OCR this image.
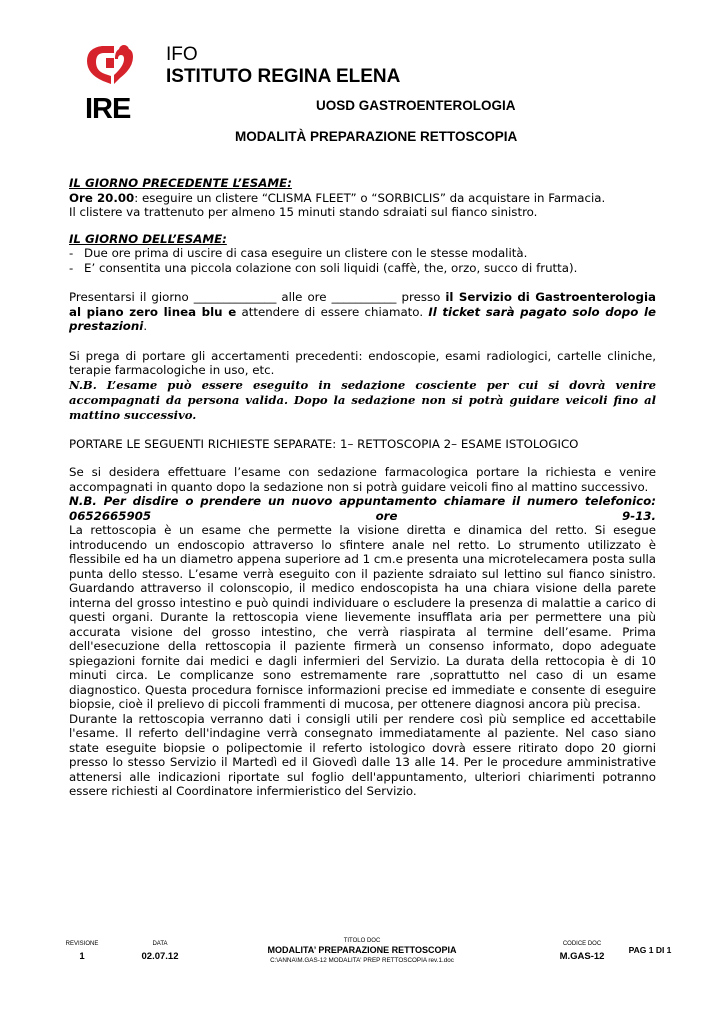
IRE
IFO
ISTITUTO REGINA ELENA
UOSD GASTROENTEROLOGIA
MODALITÀ PREPARAZIONE RETTOSCOPIA

IL GIORNO PRECEDENTE L’ESAME:

Ore 20.00: eseguire un clistere “CLISMA FLEET” o “SORBICLIS” da acquistare in Farmacia.

Il clistere va trattenuto per almeno 15 minuti stando sdraiati sul fianco sinistro.

IL GIORNO DELL’ESAME:

- Due ore prima di uscire di casa eseguire un clistere con le stesse modalità.
- E’ consentita una piccola colazione con soli liquidi (caffè, the, orzo, succo di frutta).

Presentarsi il giorno ______________ alle ore ___________ presso il Servizio di Gastroenterologia al piano zero linea blu e attendere di essere chiamato. Il ticket sarà pagato solo dopo le prestazioni.

Si prega di portare gli accertamenti precedenti: endoscopie, esami radiologici, cartelle cliniche, terapie farmacologiche in uso, etc.

N.B. L’esame può essere eseguito in sedazione cosciente per cui si dovrà venire accompagnati da persona valida. Dopo la sedazione non si potrà guidare veicoli fino al mattino successivo.

PORTARE LE SEGUENTI RICHIESTE SEPARATE: 1– RETTOSCOPIA 2– ESAME ISTOLOGICO

Se si desidera effettuare l’esame con sedazione farmacologica portare la richiesta e venire accompagnati in quanto dopo la sedazione non si potrà guidare veicoli fino al mattino successivo.

N.B. Per disdire o prendere un nuovo appuntamento chiamare il numero telefonico: 0652665905 ore 9-13.

La rettoscopia è un esame che permette la visione diretta e dinamica del retto. Si esegue introducendo un endoscopio attraverso lo sfintere anale nel retto. Lo strumento utilizzato è flessibile ed ha un diametro appena superiore ad 1 cm.e presenta una microtelecamera posta sulla punta dello stesso. L’esame verrà eseguito con il paziente sdraiato sul lettino sul fianco sinistro. Guardando attraverso il colonscopio, il medico endoscopista ha una chiara visione della parete interna del grosso intestino e può quindi individuare o escludere la presenza di malattie a carico di questi organi. Durante la rettoscopia viene lievemente insufflata aria per permettere una più accurata visione del grosso intestino, che verrà riaspirata al termine dell’esame. Prima dell'esecuzione della rettoscopia il paziente firmerà un consenso informato, dopo adeguate spiegazioni fornite dai medici e dagli infermieri del Servizio. La durata della rettocopia è di 10 minuti circa. Le complicanze sono estremamente rare ,soprattutto nel caso di un esame diagnostico. Questa procedura fornisce informazioni precise ed immediate e consente di eseguire biopsie, cioè il prelievo di piccoli frammenti di mucosa, per ottenere diagnosi ancora più precisa.

Durante la rettoscopia verranno dati i consigli utili per rendere così più semplice ed accettabile l'esame. Il referto dell'indagine verrà consegnato immediatamente al paziente. Nel caso siano state eseguite biopsie o polipectomie il referto istologico dovrà essere ritirato dopo 20 giorni presso lo stesso Servizio il Martedì ed il Giovedì dalle 13 alle 14. Per le procedure amministrative attenersi alle indicazioni riportate sul foglio dell'appuntamento, ulteriori chiarimenti potranno essere richiesti al Coordinatore infermieristico del Servizio.

REVISIONE
1
DATA
02.07.12
TITOLO DOC
MODALITA’ PREPARAZIONE RETTOSCOPIA
C:\ANNA\M.GAS-12 MODALITA' PREP RETTOSCOPIA rev.1.doc
CODICE DOC
M.GAS-12
PAG 1 DI 1
